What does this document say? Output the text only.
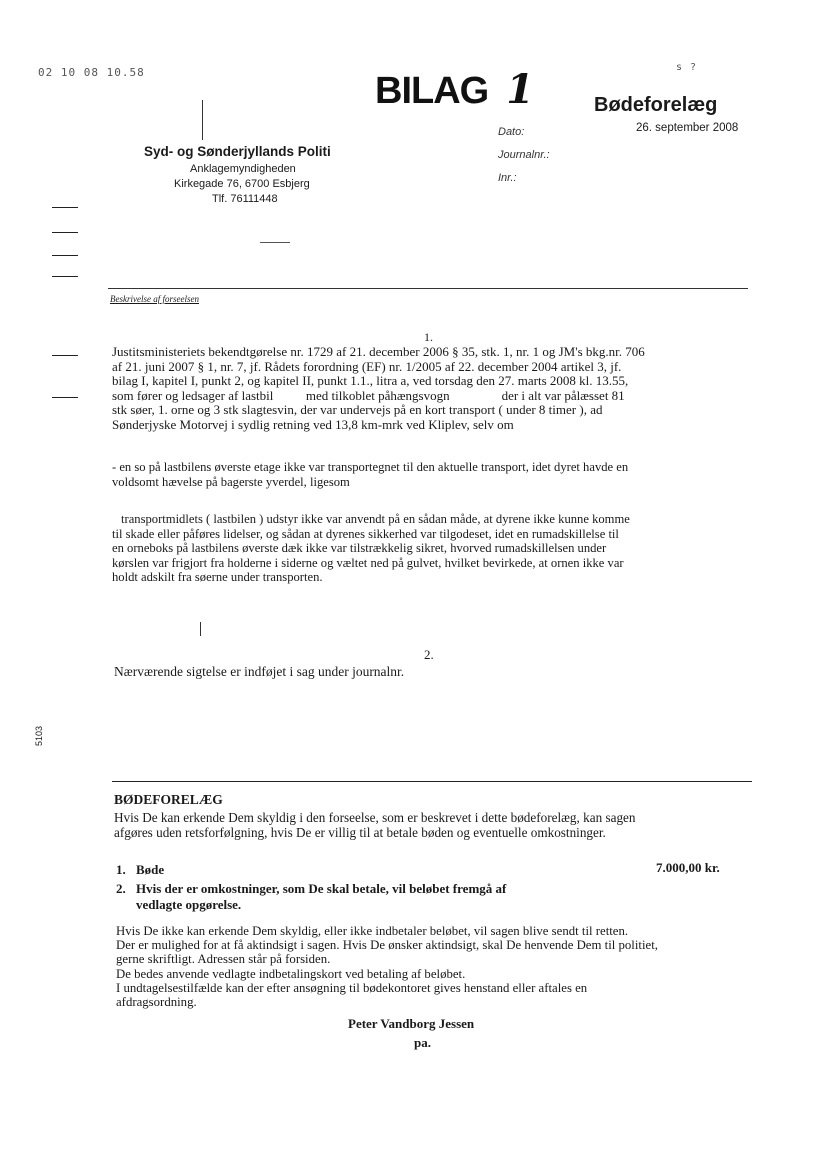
02 10 08 10.58	s ?
BILAG 1	Bødeforelæg
Dato:	26. september 2008
Journalnr.:
Inr.:
Syd- og Sønderjyllands Politi
Anklagemyndigheden
Kirkegade 76, 6700 Esbjerg
Tlf. 76111448
Beskrivelse af forseelsen
1.
Justitsministeriets bekendtgørelse nr. 1729 af 21. december 2006 § 35, stk. 1, nr. 1 og JM's bkg.nr. 706
af 21. juni 2007 § 1, nr. 7, jf. Rådets forordning (EF) nr. 1/2005 af 22. december 2004 artikel 3, jf.
bilag I, kapitel I, punkt 2, og kapitel II, punkt 1.1., litra a, ved torsdag den 27. marts 2008 kl. 13.55,
som fører og ledsager af lastbil          med tilkoblet påhængsvogn                der i alt var pålæsset 81
stk søer, 1. orne og 3 stk slagtesvin, der var undervejs på en kort transport ( under 8 timer ), ad
Sønderjyske Motorvej i sydlig retning ved 13,8 km-mrk ved Kliplev, selv om
- en so på lastbilens øverste etage ikke var transportegnet til den aktuelle transport, idet dyret havde en
voldsomt hævelse på bagerste yverdel, ligesom
transportmidlets ( lastbilen ) udstyr ikke var anvendt på en sådan måde, at dyrene ikke kunne komme
til skade eller påføres lidelser, og sådan at dyrenes sikkerhed var tilgodeset, idet en rumadskillelse til
en orneboks på lastbilens øverste dæk ikke var tilstrækkelig sikret, hvorved rumadskillelsen under
kørslen var frigjort fra holderne i siderne og væltet ned på gulvet, hvilket bevirkede, at ornen ikke var
holdt adskilt fra søerne under transporten.
2.
Nærværende sigtelse er indføjet i sag under journalnr.
5103
BØDEFORELÆG
Hvis De kan erkende Dem skyldig i den forseelse, som er beskrevet i dette bødeforelæg, kan sagen
afgøres uden retsforfølgning, hvis De er villig til at betale bøden og eventuelle omkostninger.
1. Bøde	7.000,00 kr.
2. Hvis der er omkostninger, som De skal betale, vil beløbet fremgå af
vedlagte opgørelse.
Hvis De ikke kan erkende Dem skyldig, eller ikke indbetaler beløbet, vil sagen blive sendt til retten.
Der er mulighed for at få aktindsigt i sagen. Hvis De ønsker aktindsigt, skal De henvende Dem til politiet,
gerne skriftligt. Adressen står på forsiden.
De bedes anvende vedlagte indbetalingskort ved betaling af beløbet.
I undtagelsestilfælde kan der efter ansøgning til bødekontoret gives henstand eller aftales en
afdragsordning.
Peter Vandborg Jessen
pa.
